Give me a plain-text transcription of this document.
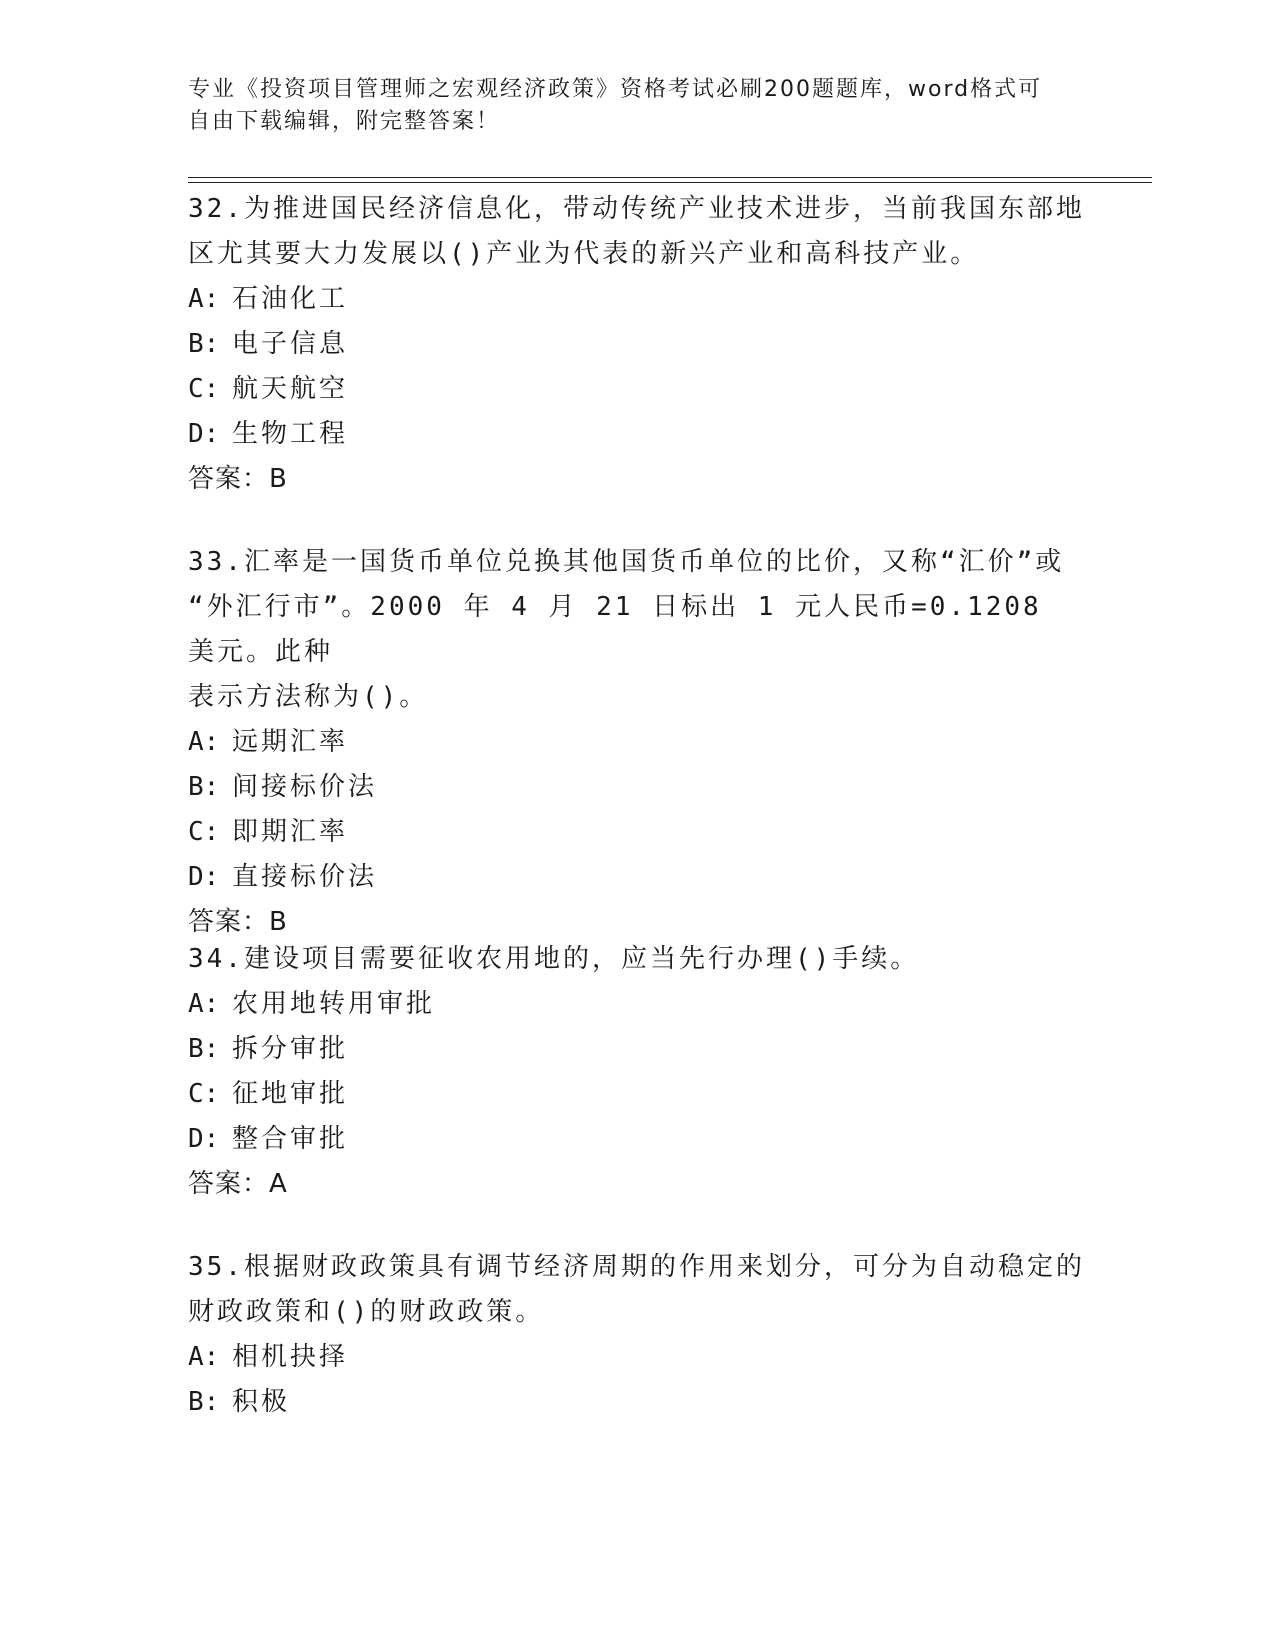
专业《投资项目管理师之宏观经济政策》资格考试必刷200题题库，word格式可
自由下载编辑，附完整答案！

32.为推进国民经济信息化，带动传统产业技术进步，当前我国东部地

区尤其要大力发展以()产业为代表的新兴产业和高科技产业。

A: 石油化工

B: 电子信息

C: 航天航空

D: 生物工程

答案：B

33.汇率是一国货币单位兑换其他国货币单位的比价，又称“汇价”或

“外汇行市”。2000 年 4 月 21 日标出 1 元人民币=0.1208 美元。此种

表示方法称为()。

A: 远期汇率

B: 间接标价法

C: 即期汇率

D: 直接标价法

答案：B

34.建设项目需要征收农用地的，应当先行办理()手续。

A: 农用地转用审批

B: 拆分审批

C: 征地审批

D: 整合审批

答案：A

35.根据财政政策具有调节经济周期的作用来划分，可分为自动稳定的

财政政策和()的财政政策。

A: 相机抉择

B: 积极
